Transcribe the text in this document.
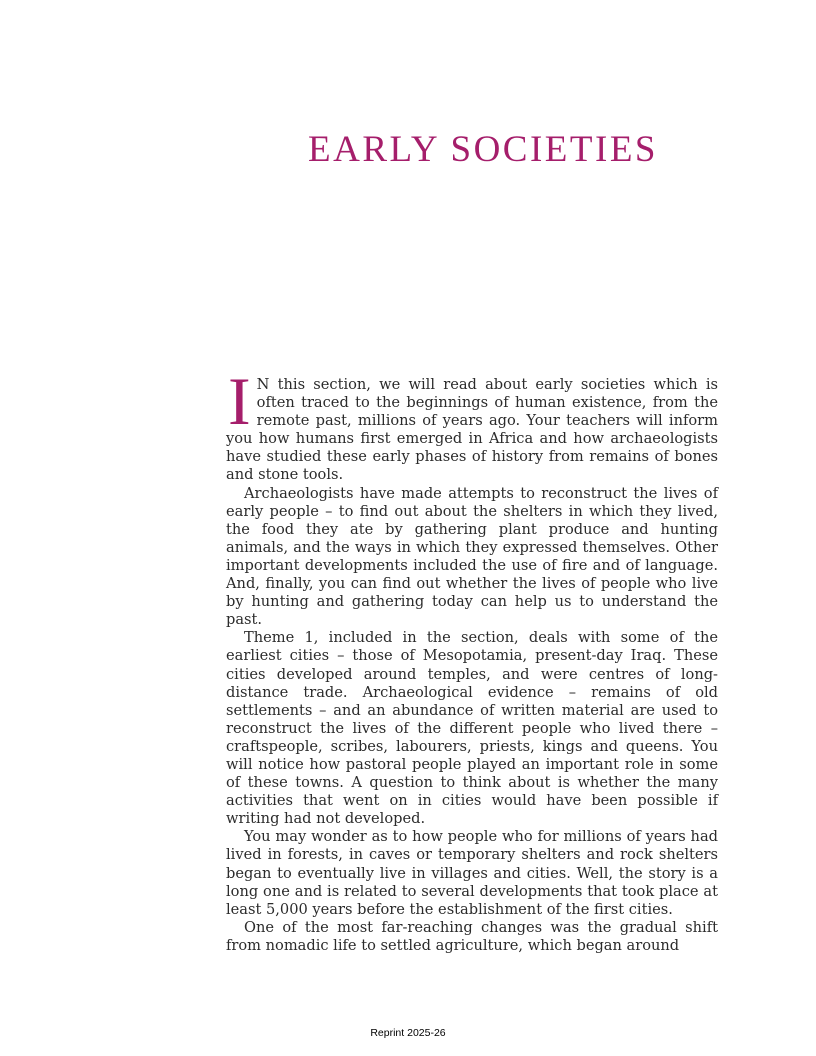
EARLY SOCIETIES

I N this section, we will read about early societies which is often traced to the beginnings of human existence, from the remote past, millions of years ago. Your teachers will inform you how humans first emerged in Africa and how archaeologists have studied these early phases of history from remains of bones and stone tools.

Archaeologists have made attempts to reconstruct the lives of early people – to find out about the shelters in which they lived, the food they ate by gathering plant produce and hunting animals, and the ways in which they expressed themselves. Other important developments included the use of fire and of language. And, finally, you can find out whether the lives of people who live by hunting and gathering today can help us to understand the past.

Theme 1, included in the section, deals with some of the earliest cities – those of Mesopotamia, present-day Iraq. These cities developed around temples, and were centres of long-distance trade. Archaeological evidence – remains of old settlements – and an abundance of written material are used to reconstruct the lives of the different people who lived there – craftspeople, scribes, labourers, priests, kings and queens. You will notice how pastoral people played an important role in some of these towns. A question to think about is whether the many activities that went on in cities would have been possible if writing had not developed.

You may wonder as to how people who for millions of years had lived in forests, in caves or temporary shelters and rock shelters began to eventually live in villages and cities. Well, the story is a long one and is related to several developments that took place at least 5,000 years before the establishment of the first cities.

One of the most far-reaching changes was the gradual shift from nomadic life to settled agriculture, which began around

Reprint 2025-26
